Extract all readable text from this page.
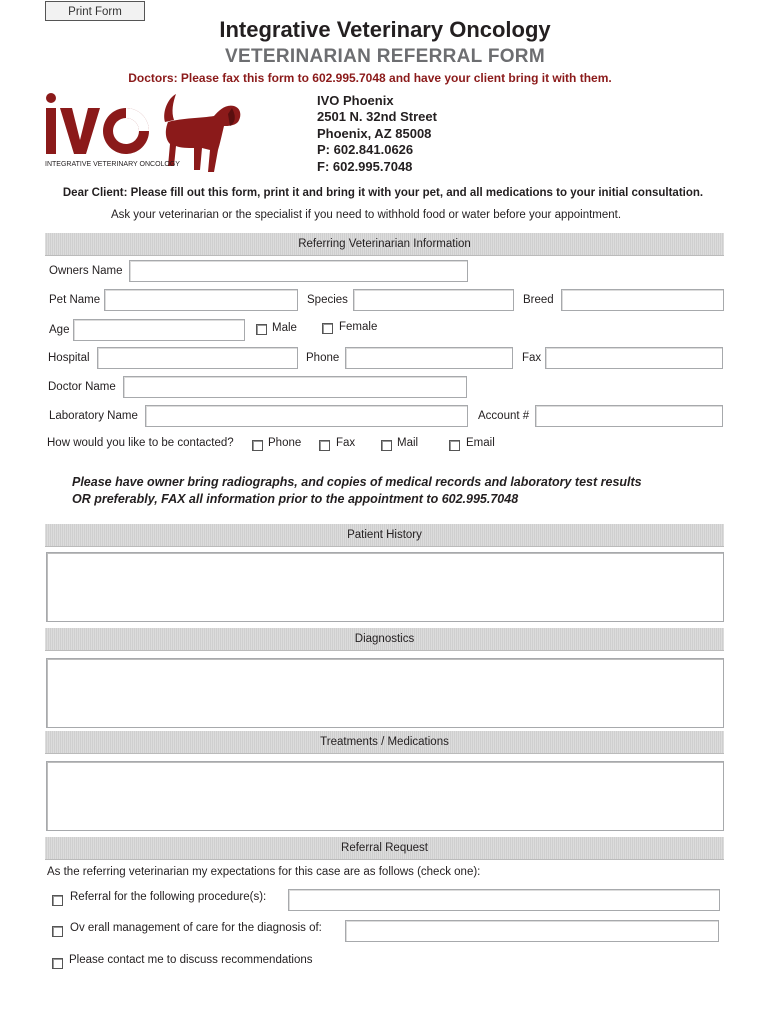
Print Form
Integrative Veterinary Oncology
VETERINARIAN REFERRAL FORM
Doctors: Please fax this form to 602.995.7048 and have your client bring it with them.
INTEGRATIVE VETERINARY ONCOLOGY
IVO Phoenix
2501 N. 32nd Street
Phoenix, AZ 85008
P: 602.841.0626
F: 602.995.7048
Dear Client: Please fill out this form, print it and bring it with your pet, and all medications to your initial consultation.
Ask your veterinarian or the specialist if you need to withhold food or water before your appointment.
Referring Veterinarian Information
Owners Name
Pet Name	Species	Breed
Age	Male	Female
Hospital	Phone	Fax
Doctor Name
Laboratory Name	Account #
How would you like to be contacted?	Phone	Fax	Mail	Email
Please have owner bring radiographs, and copies of medical records and laboratory test results
OR preferably, FAX all information prior to the appointment to 602.995.7048
Patient History
Diagnostics
Treatments / Medications
Referral Request
As the referring veterinarian my expectations for this case are as follows (check one):
Referral for the following procedure(s):
Ov erall management of care for the diagnosis of:
Please contact me to discuss recommendations
